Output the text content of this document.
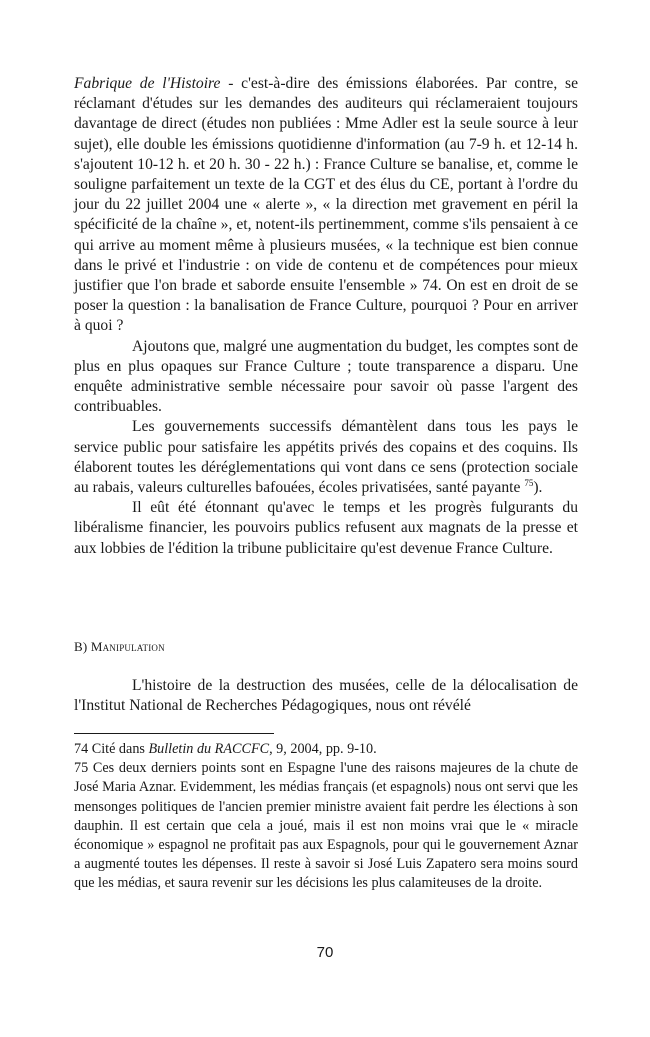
Fabrique de l'Histoire - c'est-à-dire des émissions élaborées. Par contre, se réclamant d'études sur les demandes des auditeurs qui réclameraient toujours davantage de direct (études non publiées : Mme Adler est la seule source à leur sujet), elle double les émissions quotidienne d'information (au 7-9 h. et 12-14 h. s'ajoutent 10-12 h. et 20 h. 30 - 22 h.) : France Culture se banalise, et, comme le souligne parfaitement un texte de la CGT et des élus du CE, portant à l'ordre du jour du 22 juillet 2004 une « alerte », « la direction met gravement en péril la spécificité de la chaîne », et, notent-ils pertinemment, comme s'ils pensaient à ce qui arrive au moment même à plusieurs musées, « la technique est bien connue dans le privé et l'industrie : on vide de contenu et de compétences pour mieux justifier que l'on brade et saborde ensuite l'ensemble » 74. On est en droit de se poser la question : la banalisation de France Culture, pourquoi ? Pour en arriver à quoi ?

Ajoutons que, malgré une augmentation du budget, les comptes sont de plus en plus opaques sur France Culture ; toute transparence a disparu. Une enquête administrative semble nécessaire pour savoir où passe l'argent des contribuables.

Les gouvernements successifs démantèlent dans tous les pays le service public pour satisfaire les appétits privés des copains et des coquins. Ils élaborent toutes les déréglementations qui vont dans ce sens (protection sociale au rabais, valeurs culturelles bafouées, écoles privatisées, santé payante $^{75}$).

Il eût été étonnant qu'avec le temps et les progrès fulgurants du libéralisme financier, les pouvoirs publics refusent aux magnats de la presse et aux lobbies de l'édition la tribune publicitaire qu'est devenue France Culture.

B) Manipulation

L'histoire de la destruction des musées, celle de la délocalisation de l'Institut National de Recherches Pédagogiques, nous ont révélé

74 Cité dans Bulletin du RACCFC, 9, 2004, pp. 9-10.

75 Ces deux derniers points sont en Espagne l'une des raisons majeures de la chute de José Maria Aznar. Evidemment, les médias français (et espagnols) nous ont servi que les mensonges politiques de l'ancien premier ministre avaient fait perdre les élections à son dauphin. Il est certain que cela a joué, mais il est non moins vrai que le « miracle économique » espagnol ne profitait pas aux Espagnols, pour qui le gouvernement Aznar a augmenté toutes les dépenses. Il reste à savoir si José Luis Zapatero sera moins sourd que les médias, et saura revenir sur les décisions les plus calamiteuses de la droite.

70
